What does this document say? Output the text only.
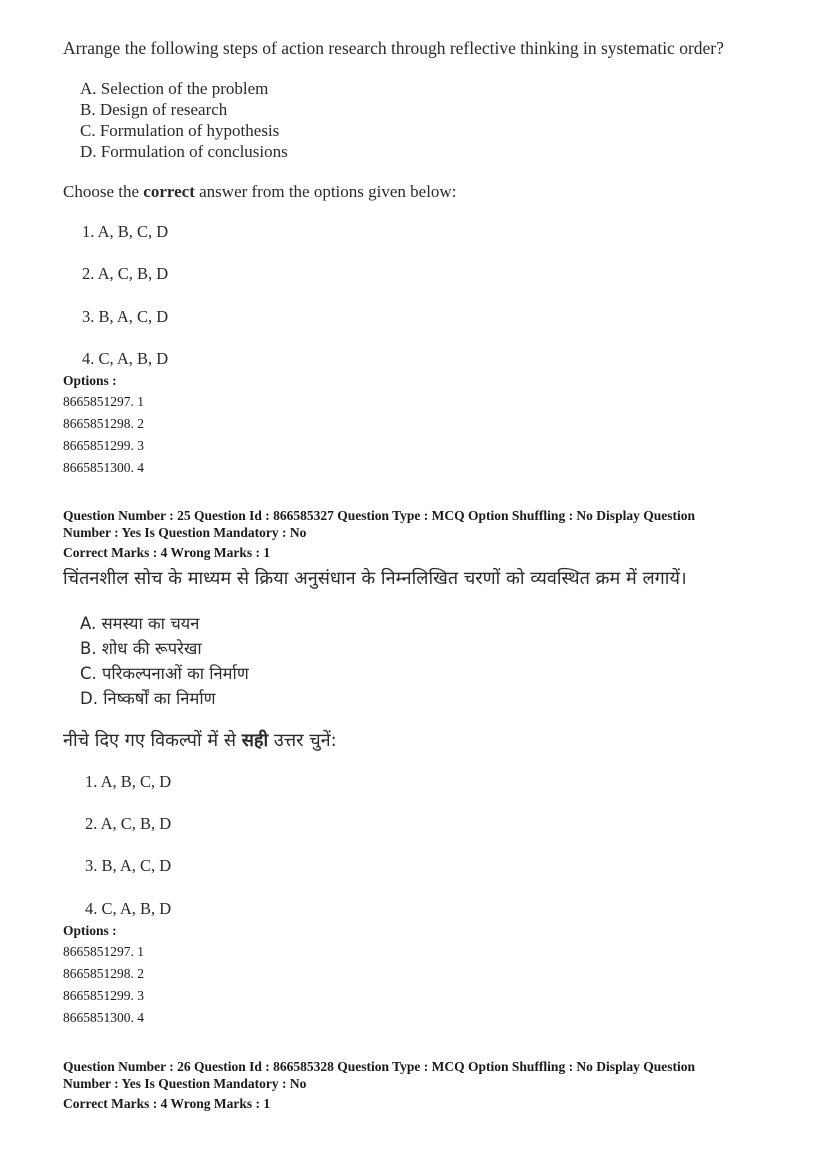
Arrange the following steps of action research through reflective thinking in systematic order?
A. Selection of the problem
B. Design of research
C. Formulation of hypothesis
D. Formulation of conclusions
Choose the correct answer from the options given below:
1. A, B, C, D
2. A, C, B, D
3. B, A, C, D
4. C, A, B, D
Options :
8665851297. 1
8665851298. 2
8665851299. 3
8665851300. 4
Question Number : 25 Question Id : 866585327 Question Type : MCQ Option Shuffling : No Display Question
Number : Yes Is Question Mandatory : No
Correct Marks : 4 Wrong Marks : 1
चिंतनशील सोच के माध्यम से क्रिया अनुसंधान के निम्नलिखित चरणों को व्यवस्थित क्रम में लगायें।
A. समस्या का चयन
B. शोध की रूपरेखा
C. परिकल्पनाओं का निर्माण
D. निष्कर्षों का निर्माण
नीचे दिए गए विकल्पों में से सही उत्तर चुनें:
1. A, B, C, D
2. A, C, B, D
3. B, A, C, D
4. C, A, B, D
Options :
8665851297. 1
8665851298. 2
8665851299. 3
8665851300. 4
Question Number : 26 Question Id : 866585328 Question Type : MCQ Option Shuffling : No Display Question
Number : Yes Is Question Mandatory : No
Correct Marks : 4 Wrong Marks : 1
